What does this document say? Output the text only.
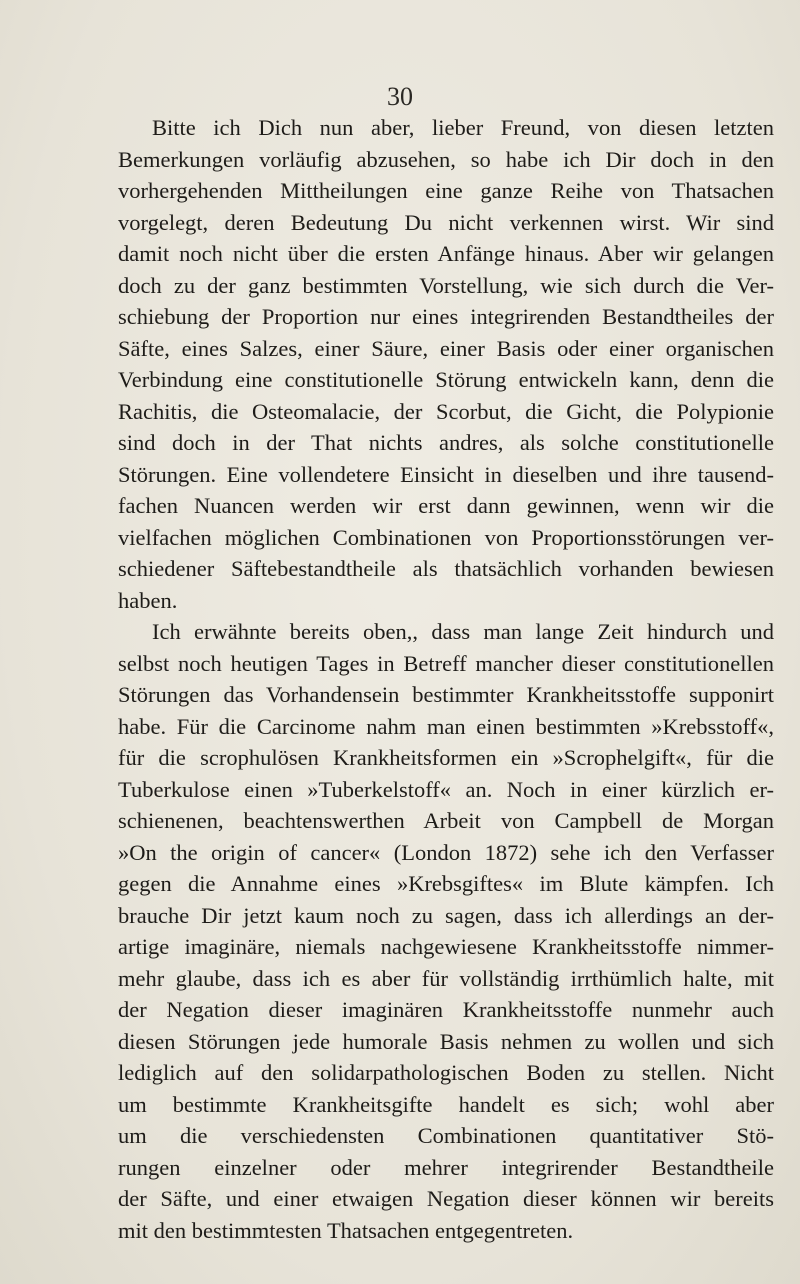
30
Bitte ich Dich nun aber, lieber Freund, von diesen letzten
Bemerkungen vorläufig abzusehen, so habe ich Dir doch in den
vorhergehenden Mittheilungen eine ganze Reihe von Thatsachen
vorgelegt, deren Bedeutung Du nicht verkennen wirst. Wir sind
damit noch nicht über die ersten Anfänge hinaus. Aber wir gelangen
doch zu der ganz bestimmten Vorstellung, wie sich durch die Ver-
schiebung der Proportion nur eines integrirenden Bestandtheiles der
Säfte, eines Salzes, einer Säure, einer Basis oder einer organischen
Verbindung eine constitutionelle Störung entwickeln kann, denn die
Rachitis, die Osteomalacie, der Scorbut, die Gicht, die Polypionie
sind doch in der That nichts andres, als solche constitutionelle
Störungen. Eine vollendetere Einsicht in dieselben und ihre tausend-
fachen Nuancen werden wir erst dann gewinnen, wenn wir die
vielfachen möglichen Combinationen von Proportionsstörungen ver-
schiedener Säftebestandtheile als thatsächlich vorhanden bewiesen
haben.
Ich erwähnte bereits oben,, dass man lange Zeit hindurch und
selbst noch heutigen Tages in Betreff mancher dieser constitutionellen
Störungen das Vorhandensein bestimmter Krankheitsstoffe supponirt
habe. Für die Carcinome nahm man einen bestimmten »Krebsstoff«,
für die scrophulösen Krankheitsformen ein »Scrophelgift«, für die
Tuberkulose einen »Tuberkelstoff« an. Noch in einer kürzlich er-
schienenen, beachtenswerthen Arbeit von Campbell de Morgan
»On the origin of cancer« (London 1872) sehe ich den Verfasser
gegen die Annahme eines »Krebsgiftes« im Blute kämpfen. Ich
brauche Dir jetzt kaum noch zu sagen, dass ich allerdings an der-
artige imaginäre, niemals nachgewiesene Krankheitsstoffe nimmer-
mehr glaube, dass ich es aber für vollständig irrthümlich halte, mit
der Negation dieser imaginären Krankheitsstoffe nunmehr auch
diesen Störungen jede humorale Basis nehmen zu wollen und sich
lediglich auf den solidarpathologischen Boden zu stellen. Nicht
um bestimmte Krankheitsgifte handelt es sich; wohl aber
um die verschiedensten Combinationen quantitativer Stö-
rungen einzelner oder mehrer integrirender Bestandtheile
der Säfte, und einer etwaigen Negation dieser können wir bereits
mit den bestimmtesten Thatsachen entgegentreten.
